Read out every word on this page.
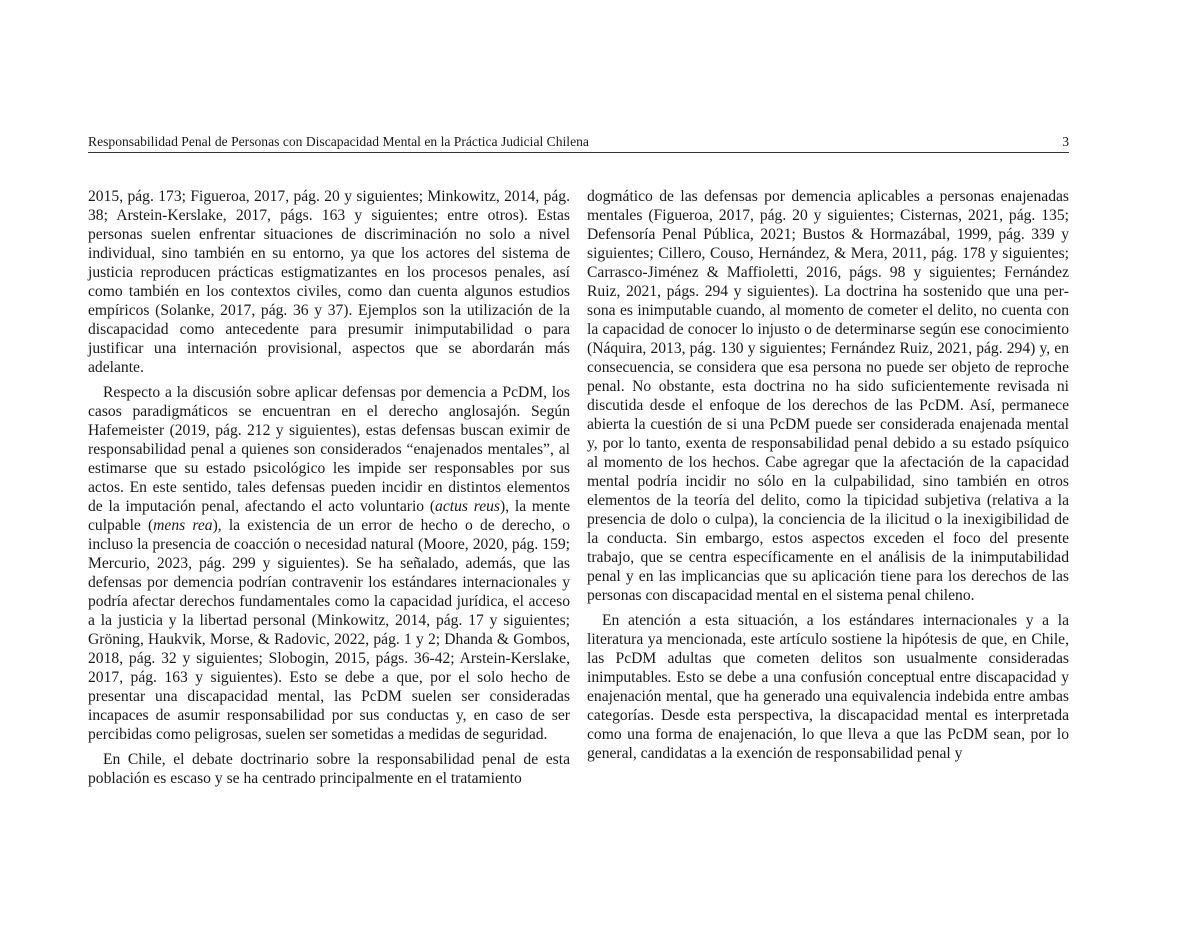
Responsabilidad Penal de Personas con Discapacidad Mental en la Práctica Judicial Chilena	3

2015, pág. 173; Figueroa, 2017, pág. 20 y siguientes; Minkowitz, 2014, pág. 38; Arstein-Kerslake, 2017, págs. 163 y siguientes; entre otros). Estas personas suelen enfrentar situaciones de discriminación no solo a nivel individual, sino también en su entorno, ya que los actores del sistema de justicia reproducen prácticas estigmatizantes en los procesos penales, así como también en los contextos civiles, como dan cuenta algunos estudios empíricos (Solanke, 2017, pág. 36 y 37). Ejemplos son la utilización de la discapacidad como antecedente para presumir inimputabilidad o para justificar una internación provisional, aspectos que se abordarán más adelante.

Respecto a la discusión sobre aplicar defensas por demencia a PcDM, los casos paradigmáticos se encuentran en el derecho anglosajón. Según Hafemeister (2019, pág. 212 y siguientes), estas defensas buscan eximir de responsabilidad penal a quienes son considerados “enajenados mentales”, al estimarse que su estado psicológico les impide ser responsables por sus actos. En este sentido, tales defensas pueden incidir en distintos elementos de la imputación penal, afectando el acto voluntario (actus reus), la mente culpable (mens rea), la existencia de un error de hecho o de derecho, o incluso la presencia de coacción o necesidad natural (Moore, 2020, pág. 159; Mercurio, 2023, pág. 299 y siguientes). Se ha señalado, además, que las defensas por demencia podrían contravenir los estándares internacionales y podría afectar derechos fundamentales como la capacidad jurídica, el acceso a la justicia y la libertad personal (Minkowitz, 2014, pág. 17 y siguientes; Gröning, Haukvik, Morse, & Radovic, 2022, pág. 1 y 2; Dhanda & Gombos, 2018, pág. 32 y siguientes; Slobogin, 2015, págs. 36-42; Arstein-Kerslake, 2017, pág. 163 y siguientes). Esto se debe a que, por el solo hecho de presentar una discapacidad mental, las PcDM suelen ser consideradas incapaces de asumir responsabilidad por sus conductas y, en caso de ser percibidas como peligrosas, suelen ser sometidas a medidas de seguridad.

En Chile, el debate doctrinario sobre la responsabilidad penal de esta población es escaso y se ha centrado principalmente en el tratamiento

dogmático de las defensas por demencia aplicables a personas enajenadas mentales (Figueroa, 2017, pág. 20 y siguientes; Cisternas, 2021, pág. 135; Defensoría Penal Pública, 2021; Bustos & Hormazábal, 1999, pág. 339 y siguientes; Cillero, Couso, Hernández, & Mera, 2011, pág. 178 y siguientes; Carrasco-Jiménez & Maffioletti, 2016, págs. 98 y siguientes; Fernández Ruiz, 2021, págs. 294 y siguientes). La doctrina ha sostenido que una persona es inimputable cuando, al momento de cometer el delito, no cuenta con la capacidad de conocer lo injusto o de determinarse según ese conocimiento (Náquira, 2013, pág. 130 y siguientes; Fernández Ruiz, 2021, pág. 294) y, en consecuencia, se considera que esa persona no puede ser objeto de reproche penal. No obstante, esta doctrina no ha sido suficientemente revisada ni discutida desde el enfoque de los derechos de las PcDM. Así, permanece abierta la cuestión de si una PcDM puede ser considerada enajenada mental y, por lo tanto, exenta de responsabilidad penal debido a su estado psíquico al momento de los hechos. Cabe agregar que la afectación de la capacidad mental podría incidir no sólo en la culpabilidad, sino también en otros elementos de la teoría del delito, como la tipicidad subjetiva (relativa a la presencia de dolo o culpa), la conciencia de la ilicitud o la inexigibilidad de la conducta. Sin embargo, estos aspectos exceden el foco del presente trabajo, que se centra específicamente en el análisis de la inimputabilidad penal y en las implicancias que su aplicación tiene para los derechos de las personas con discapacidad mental en el sistema penal chileno.

En atención a esta situación, a los estándares internacionales y a la literatura ya mencionada, este artículo sostiene la hipótesis de que, en Chile, las PcDM adultas que cometen delitos son usualmente consideradas inimputables. Esto se debe a una confusión conceptual entre discapacidad y enajenación mental, que ha generado una equivalencia indebida entre ambas categorías. Desde esta perspectiva, la discapacidad mental es interpretada como una forma de enajenación, lo que lleva a que las PcDM sean, por lo general, candidatas a la exención de responsabilidad penal y
